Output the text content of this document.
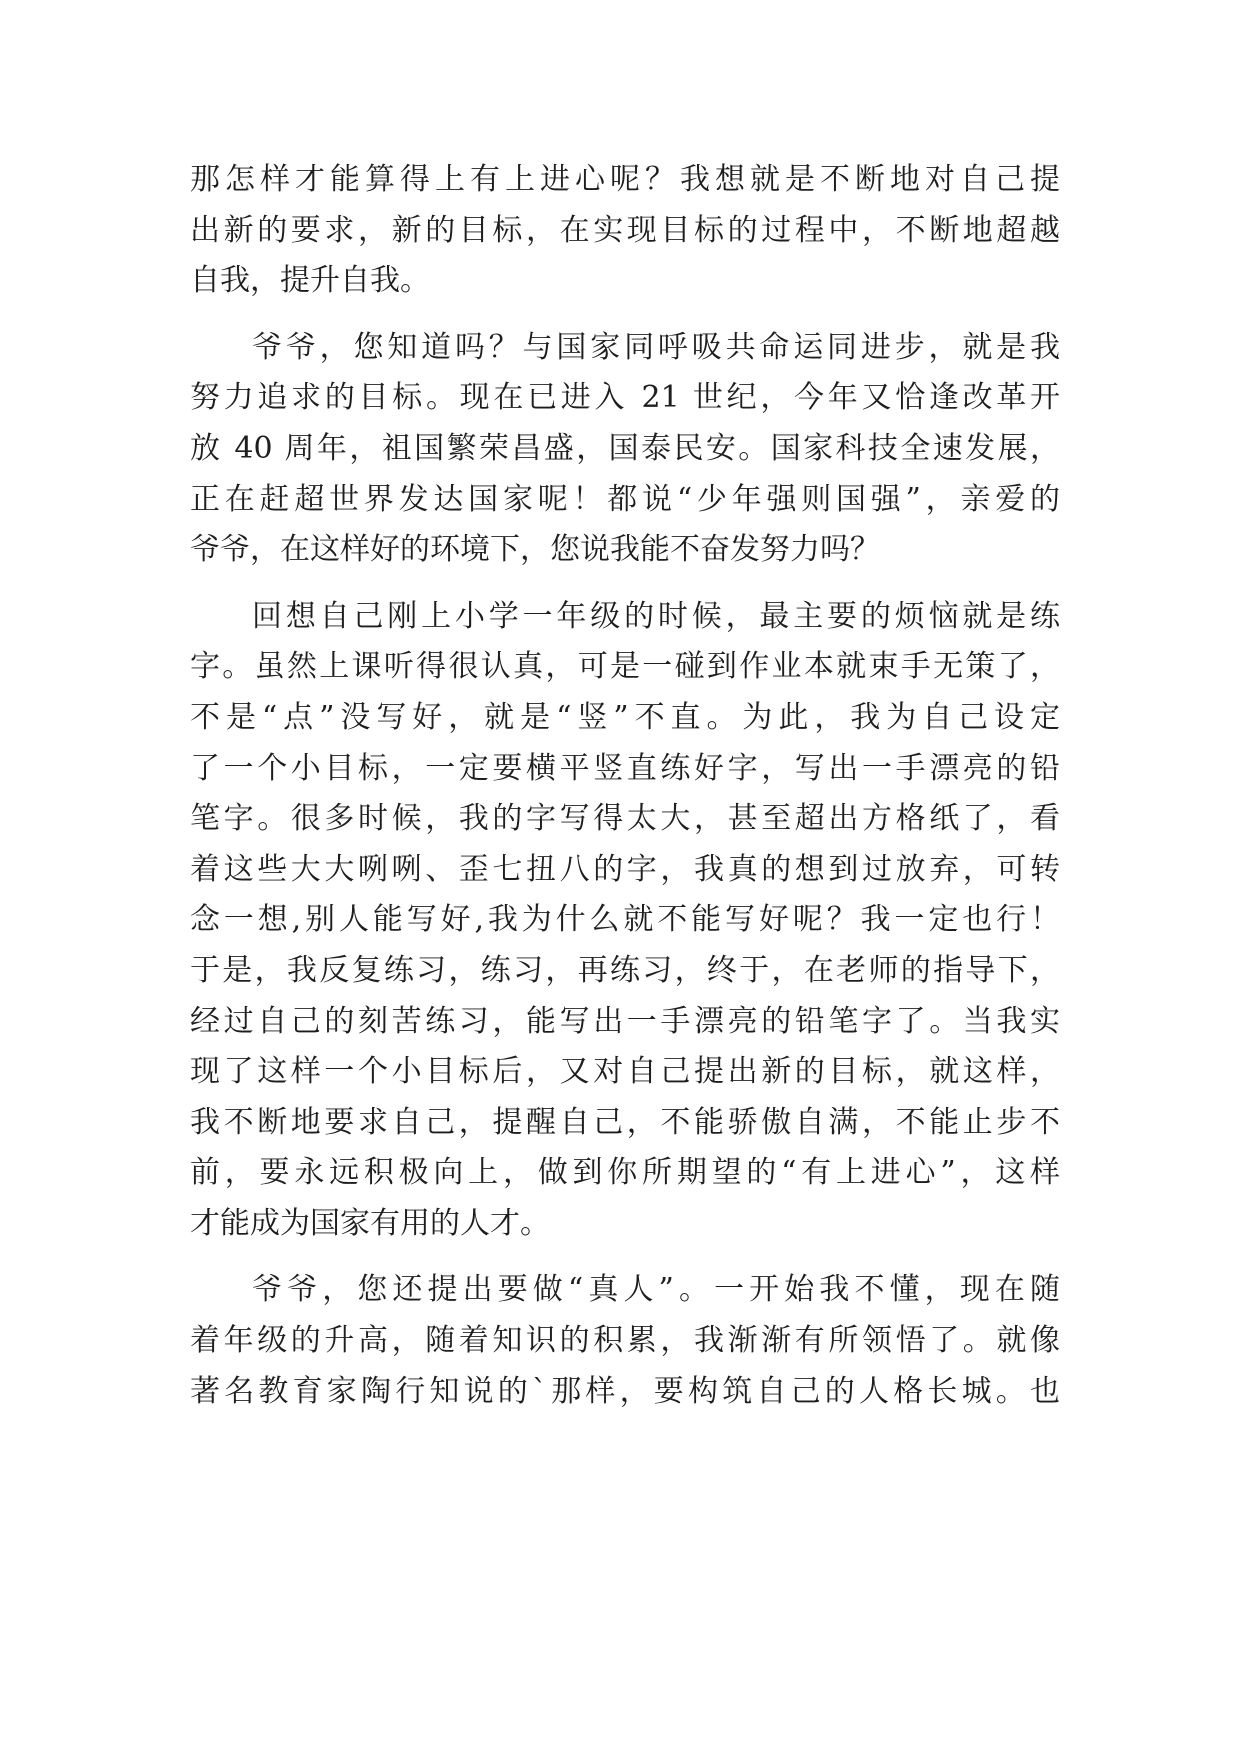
那怎样才能算得上有上进心呢？我想就是不断地对自己提
出新的要求，新的目标，在实现目标的过程中，不断地超越
自我，提升自我。
爷爷，您知道吗？与国家同呼吸共命运同进步，就是我
努力追求的目标。现在已进入 21 世纪，今年又恰逢改革开
放 40 周年，祖国繁荣昌盛，国泰民安。国家科技全速发展，
正在赶超世界发达国家呢！都说“少年强则国强”，亲爱的
爷爷，在这样好的环境下，您说我能不奋发努力吗？
回想自己刚上小学一年级的时候，最主要的烦恼就是练
字。虽然上课听得很认真，可是一碰到作业本就束手无策了，
不是“点”没写好，就是“竖”不直。为此，我为自己设定
了一个小目标，一定要横平竖直练好字，写出一手漂亮的铅
笔字。很多时候，我的字写得太大，甚至超出方格纸了，看
着这些大大咧咧、歪七扭八的字，我真的想到过放弃，可转
念一想,别人能写好,我为什么就不能写好呢？我一定也行！
于是，我反复练习，练习，再练习，终于，在老师的指导下，
经过自己的刻苦练习，能写出一手漂亮的铅笔字了。当我实
现了这样一个小目标后，又对自己提出新的目标，就这样，
我不断地要求自己，提醒自己，不能骄傲自满，不能止步不
前，要永远积极向上，做到你所期望的“有上进心”，这样
才能成为国家有用的人才。
爷爷，您还提出要做“真人”。一开始我不懂，现在随
着年级的升高，随着知识的积累，我渐渐有所领悟了。就像
著名教育家陶行知说的`那样，要构筑自己的人格长城。也
